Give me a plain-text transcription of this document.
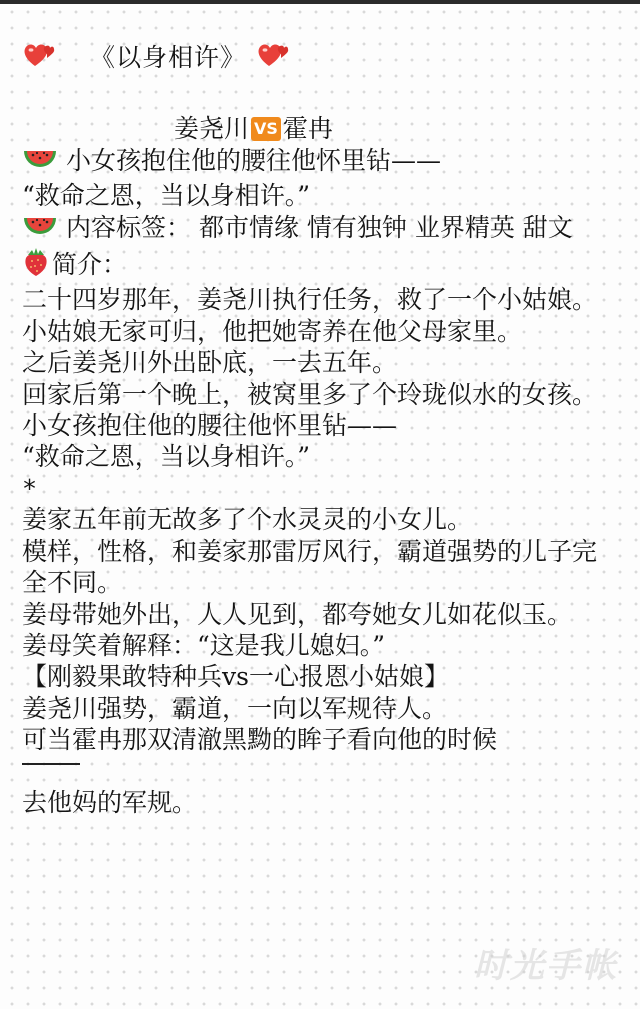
《以身相许》
姜尧川 VS 霍冉
小女孩抱住他的腰往他怀里钻——
“救命之恩，当以身相许。”
内容标签： 都市情缘 情有独钟 业界精英 甜文
简介：
二十四岁那年，姜尧川执行任务，救了一个小姑娘。
小姑娘无家可归，他把她寄养在他父母家里。
之后姜尧川外出卧底，一去五年。
回家后第一个晚上，被窝里多了个玲珑似水的女孩。
小女孩抱住他的腰往他怀里钻——
“救命之恩，当以身相许。”
*
姜家五年前无故多了个水灵灵的小女儿。
模样，性格，和姜家那雷厉风行，霸道强势的儿子完全不同。
姜母带她外出，人人见到，都夸她女儿如花似玉。
姜母笑着解释：“这是我儿媳妇。”
【刚毅果敢特种兵vs一心报恩小姑娘】
姜尧川强势，霸道，一向以军规待人。
可当霍冉那双清澈黑黝的眸子看向他的时候
去他妈的军规。
时光手帐
